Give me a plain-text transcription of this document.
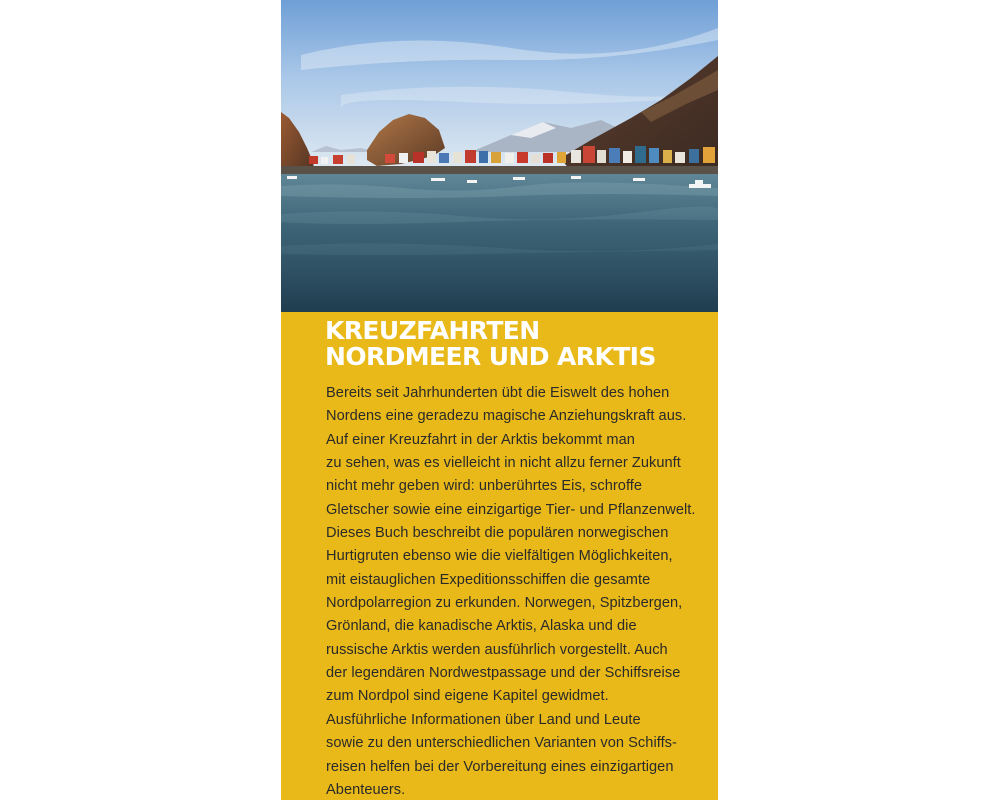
KREUZFAHRTEN
NORDMEER UND ARKTIS

Bereits seit Jahrhunderten übt die Eiswelt des hohen
Nordens eine geradezu magische Anziehungskraft aus.
Auf einer Kreuzfahrt in der Arktis bekommt man
zu sehen, was es vielleicht in nicht allzu ferner Zukunft
nicht mehr geben wird: unberührtes Eis, schroffe
Gletscher sowie eine einzigartige Tier- und Pflanzenwelt.
Dieses Buch beschreibt die populären norwegischen
Hurtigruten ebenso wie die vielfältigen Möglichkeiten,
mit eistauglichen Expeditionsschiffen die gesamte
Nordpolarregion zu erkunden. Norwegen, Spitzbergen,
Grönland, die kanadische Arktis, Alaska und die
russische Arktis werden ausführlich vorgestellt. Auch
der legendären Nordwestpassage und der Schiffsreise
zum Nordpol sind eigene Kapitel gewidmet.
Ausführliche Informationen über Land und Leute
sowie zu den unterschiedlichen Varianten von Schiffs-
reisen helfen bei der Vorbereitung eines einzigartigen
Abenteuers.
